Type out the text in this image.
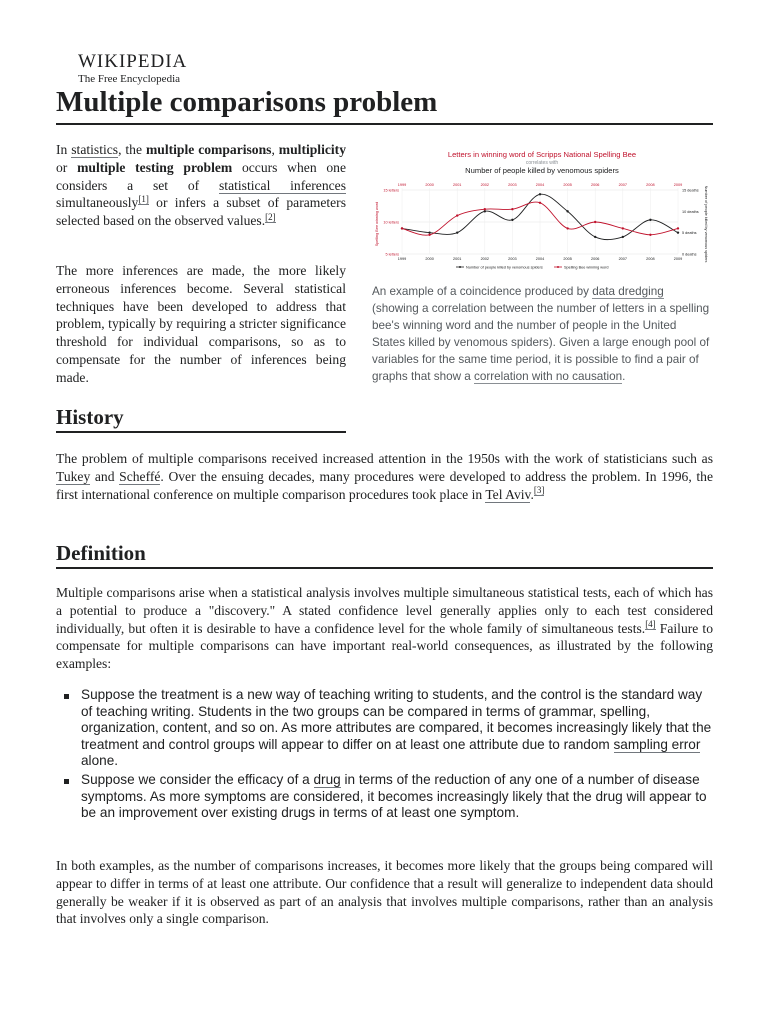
WIKIPEDIA
The Free Encyclopedia
Multiple comparisons problem

In statistics, the multiple comparisons, multiplicity or multiple testing problem occurs when one considers a set of statistical inferences simultaneously[1] or infers a subset of parameters selected based on the observed values.[2]

The more inferences are made, the more likely erroneous inferences become. Several statistical techniques have been developed to address that problem, typically by requiring a stricter significance threshold for individual comparisons, so as to compensate for the number of inferences being made.

Letters in winning word of Scripps National Spelling Bee
correlates with
Number of people killed by venomous spiders
Spelling Bee winning word	Number of people killed by venomous spiders
15 letters
10 letters
5 letters
15 deaths
10 deaths
5 deaths
0 deaths
1999
1999
2000
2000
2001
2001
2002
2002
2003
2003
2004
2004
2005
2005
2006
2006
2007
2007
2008
2008
2009
2009
Number of people killed by venomous spiders	Spelling Bee winning word
An example of a coincidence produced by data dredging (showing a correlation between the number of letters in a spelling bee's winning word and the number of people in the United States killed by venomous spiders). Given a large enough pool of variables for the same time period, it is possible to find a pair of graphs that show a correlation with no causation.
History

The problem of multiple comparisons received increased attention in the 1950s with the work of statisticians such as Tukey and Scheffé. Over the ensuing decades, many procedures were developed to address the problem. In 1996, the first international conference on multiple comparison procedures took place in Tel Aviv.[3]

Definition

Multiple comparisons arise when a statistical analysis involves multiple simultaneous statistical tests, each of which has a potential to produce a "discovery." A stated confidence level generally applies only to each test considered individually, but often it is desirable to have a confidence level for the whole family of simultaneous tests.[4] Failure to compensate for multiple comparisons can have important real-world consequences, as illustrated by the following examples:

Suppose the treatment is a new way of teaching writing to students, and the control is the standard way of teaching writing. Students in the two groups can be compared in terms of grammar, spelling, organization, content, and so on. As more attributes are compared, it becomes increasingly likely that the treatment and control groups will appear to differ on at least one attribute due to random sampling error alone.
Suppose we consider the efficacy of a drug in terms of the reduction of any one of a number of disease symptoms. As more symptoms are considered, it becomes increasingly likely that the drug will appear to be an improvement over existing drugs in terms of at least one symptom.

In both examples, as the number of comparisons increases, it becomes more likely that the groups being compared will appear to differ in terms of at least one attribute. Our confidence that a result will generalize to independent data should generally be weaker if it is observed as part of an analysis that involves multiple comparisons, rather than an analysis that involves only a single comparison.
